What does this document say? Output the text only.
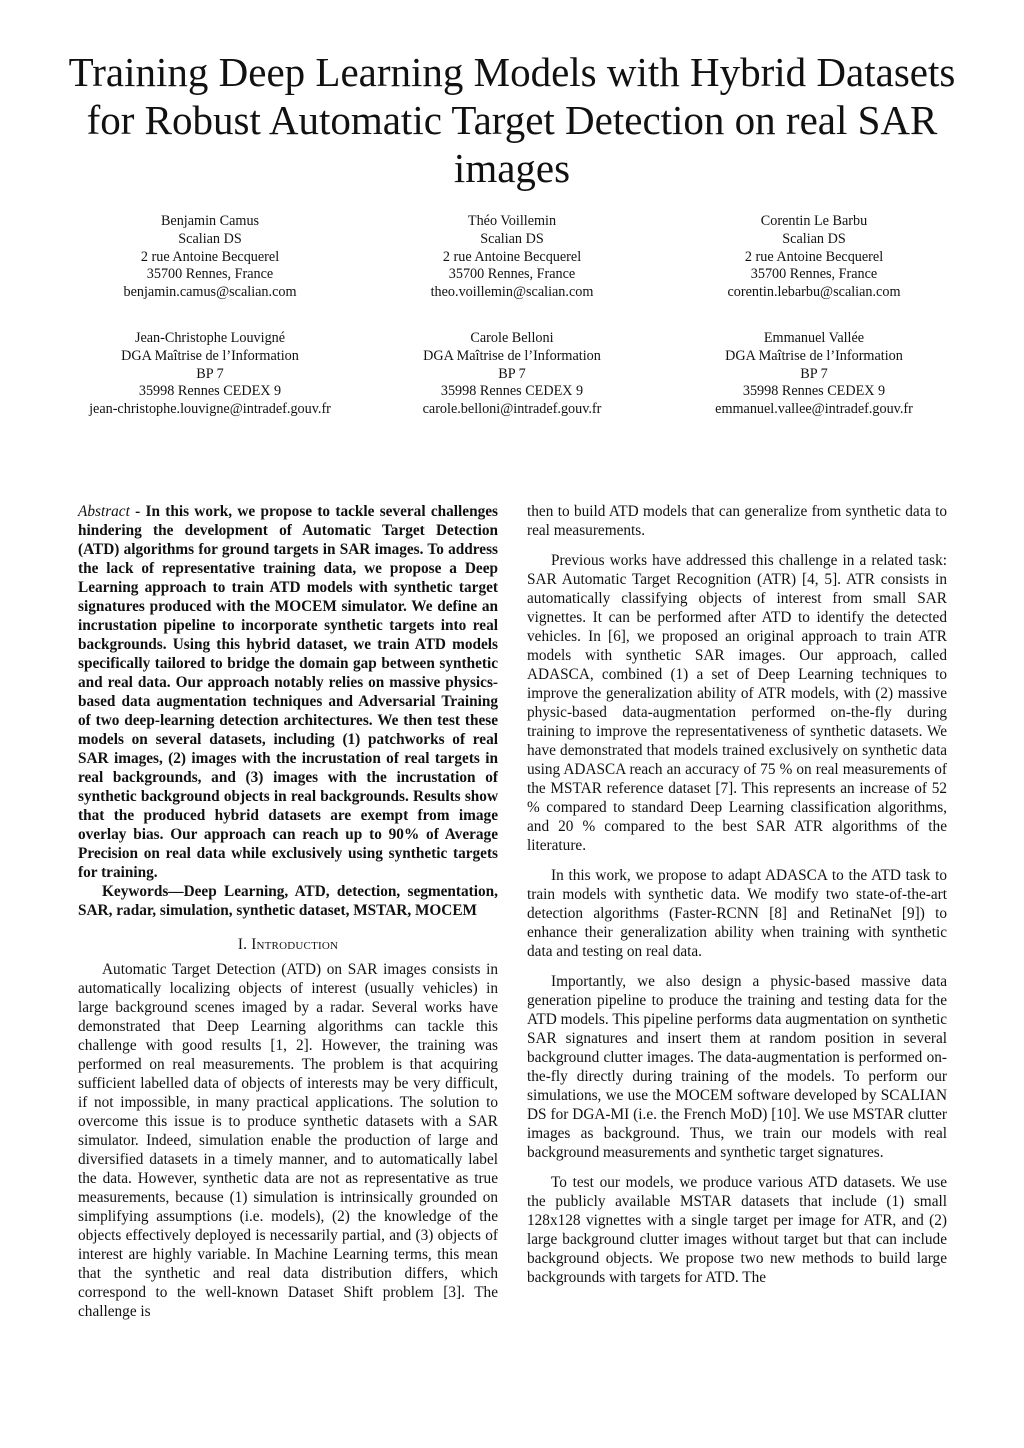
Training Deep Learning Models with Hybrid Datasets for Robust Automatic Target Detection on real SAR images
Benjamin Camus
Scalian DS
2 rue Antoine Becquerel
35700 Rennes, France
benjamin.camus@scalian.com
Théo Voillemin
Scalian DS
2 rue Antoine Becquerel
35700 Rennes, France
theo.voillemin@scalian.com
Corentin Le Barbu
Scalian DS
2 rue Antoine Becquerel
35700 Rennes, France
corentin.lebarbu@scalian.com
Jean-Christophe Louvigné
DGA Maîtrise de l’Information
BP 7
35998 Rennes CEDEX 9
jean-christophe.louvigne@intradef.gouv.fr
Carole Belloni
DGA Maîtrise de l’Information
BP 7
35998 Rennes CEDEX 9
carole.belloni@intradef.gouv.fr
Emmanuel Vallée
DGA Maîtrise de l’Information
BP 7
35998 Rennes CEDEX 9
emmanuel.vallee@intradef.gouv.fr

Abstract - In this work, we propose to tackle several challenges hindering the development of Automatic Target Detection (ATD) algorithms for ground targets in SAR images. To address the lack of representative training data, we propose a Deep Learning approach to train ATD models with synthetic target signatures produced with the MOCEM simulator. We define an incrustation pipeline to incorporate synthetic targets into real backgrounds. Using this hybrid dataset, we train ATD models specifically tailored to bridge the domain gap between synthetic and real data. Our approach notably relies on massive physics-based data augmentation techniques and Adversarial Training of two deep-learning detection architectures. We then test these models on several datasets, including (1) patchworks of real SAR images, (2) images with the incrustation of real targets in real backgrounds, and (3) images with the incrustation of synthetic background objects in real backgrounds. Results show that the produced hybrid datasets are exempt from image overlay bias. Our approach can reach up to 90% of Average Precision on real data while exclusively using synthetic targets for training.

Keywords—Deep Learning, ATD, detection, segmentation, SAR, radar, simulation, synthetic dataset, MSTAR, MOCEM

I. Introduction

Automatic Target Detection (ATD) on SAR images consists in automatically localizing objects of interest (usually vehicles) in large background scenes imaged by a radar. Several works have demonstrated that Deep Learning algorithms can tackle this challenge with good results [1, 2]. However, the training was performed on real measurements. The problem is that acquiring sufficient labelled data of objects of interests may be very difficult, if not impossible, in many practical applications. The solution to overcome this issue is to produce synthetic datasets with a SAR simulator. Indeed, simulation enable the production of large and diversified datasets in a timely manner, and to automatically label the data. However, synthetic data are not as representative as true measurements, because (1) simulation is intrinsically grounded on simplifying assumptions (i.e. models), (2) the knowledge of the objects effectively deployed is necessarily partial, and (3) objects of interest are highly variable. In Machine Learning terms, this mean that the synthetic and real data distribution differs, which correspond to the well-known Dataset Shift problem [3]. The challenge is

then to build ATD models that can generalize from synthetic data to real measurements.

Previous works have addressed this challenge in a related task: SAR Automatic Target Recognition (ATR) [4, 5]. ATR consists in automatically classifying objects of interest from small SAR vignettes. It can be performed after ATD to identify the detected vehicles. In [6], we proposed an original approach to train ATR models with synthetic SAR images. Our approach, called ADASCA, combined (1) a set of Deep Learning techniques to improve the generalization ability of ATR models, with (2) massive physic-based data-augmentation performed on-the-fly during training to improve the representativeness of synthetic datasets. We have demonstrated that models trained exclusively on synthetic data using ADASCA reach an accuracy of 75 % on real measurements of the MSTAR reference dataset [7]. This represents an increase of 52 % compared to standard Deep Learning classification algorithms, and 20 % compared to the best SAR ATR algorithms of the literature.

In this work, we propose to adapt ADASCA to the ATD task to train models with synthetic data. We modify two state-of-the-art detection algorithms (Faster-RCNN [8] and RetinaNet [9]) to enhance their generalization ability when training with synthetic data and testing on real data.

Importantly, we also design a physic-based massive data generation pipeline to produce the training and testing data for the ATD models. This pipeline performs data augmentation on synthetic SAR signatures and insert them at random position in several background clutter images. The data-augmentation is performed on-the-fly directly during training of the models. To perform our simulations, we use the MOCEM software developed by SCALIAN DS for DGA-MI (i.e. the French MoD) [10]. We use MSTAR clutter images as background. Thus, we train our models with real background measurements and synthetic target signatures.

To test our models, we produce various ATD datasets. We use the publicly available MSTAR datasets that include (1) small 128x128 vignettes with a single target per image for ATR, and (2) large background clutter images without target but that can include background objects. We propose two new methods to build large backgrounds with targets for ATD. The
